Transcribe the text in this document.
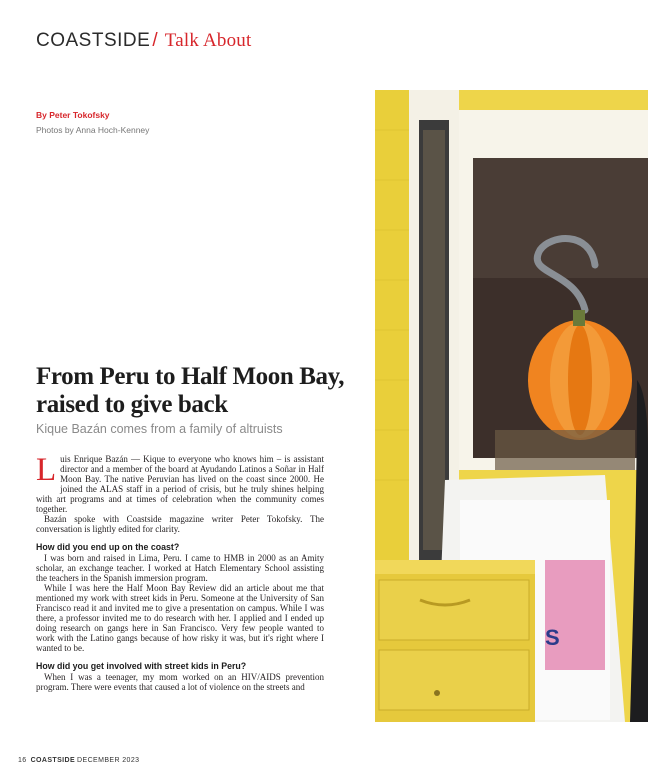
COASTSIDE / Talk About
By Peter Tokofsky
Photos by Anna Hoch-Kenney
S
From Peru to Half Moon Bay, raised to give back
Kique Bazán comes from a family of altruists

Luis Enrique Bazán — Kique to everyone who knows him – is assistant director and a member of the board at Ayudando Latinos a Soñar in Half Moon Bay. The native Peruvian has lived on the coast since 2000. He joined the ALAS staff in a period of crisis, but he truly shines helping with art programs and at times of celebration when the community comes together.

Bazán spoke with Coastside magazine writer Peter Tokofsky. The conversation is lightly edited for clarity.

How did you end up on the coast?

I was born and raised in Lima, Peru. I came to HMB in 2000 as an Amity scholar, an exchange teacher. I worked at Hatch Elementary School assisting the teachers in the Spanish immersion program.

While I was here the Half Moon Bay Review did an article about me that mentioned my work with street kids in Peru. Someone at the University of San Francisco read it and invited me to give a presentation on campus. While I was there, a professor invited me to do research with her. I applied and I ended up doing research on gangs here in San Francisco. Very few people wanted to work with the Latino gangs because of how risky it was, but it's right where I wanted to be.

How did you get involved with street kids in Peru?

When I was a teenager, my mom worked on an HIV/AIDS prevention program. There were events that caused a lot of violence on the streets and

16 COASTSIDE DECEMBER 2023
